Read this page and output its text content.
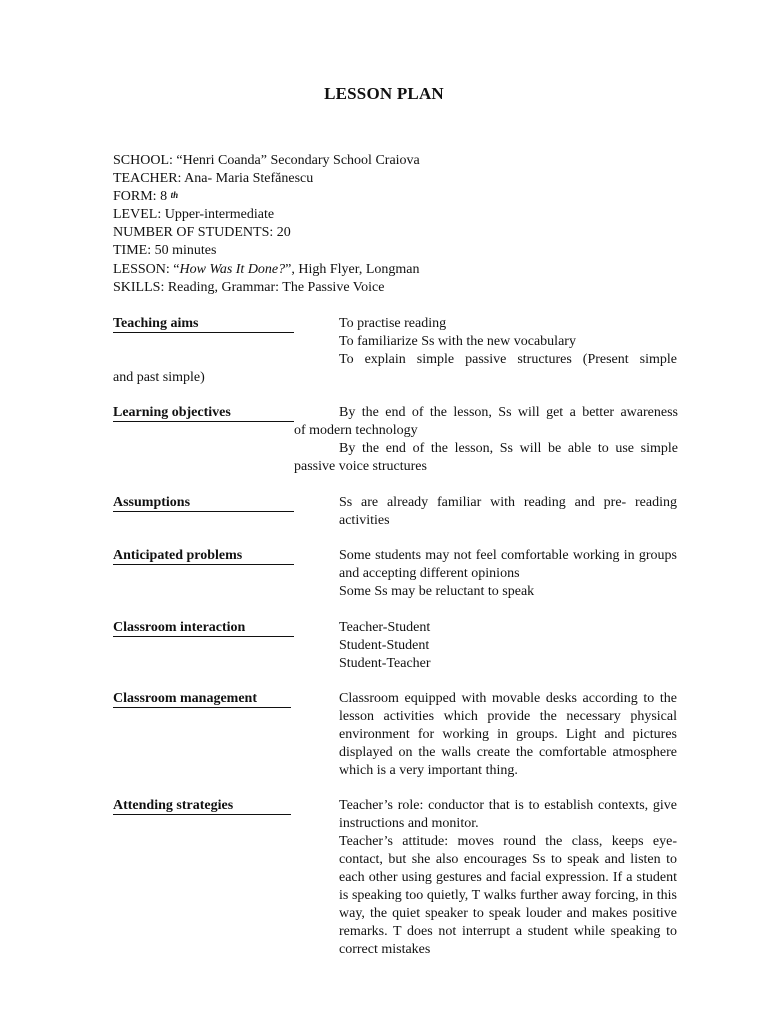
LESSON PLAN
SCHOOL: “Henri Coanda” Secondary School Craiova
TEACHER: Ana- Maria Stefănescu
FORM: 8 $^{th}$
LEVEL: Upper-intermediate
NUMBER OF STUDENTS: 20
TIME: 50 minutes
LESSON: “How Was It Done?”, High Flyer, Longman
SKILLS: Reading, Grammar: The Passive Voice
Teaching aims	To practise reading

To familiarize Ss with the new vocabulary

To explain simple passive structures (Present simple

and past simple)
Learning objectives	By the end of the lesson, Ss will get a better awareness

of modern technology

By the end of the lesson, Ss will be able to use simple

passive voice structures

Assumptions	Ss are already familiar with reading and pre- reading activities

Anticipated problems	Some students may not feel comfortable working in groups and accepting different opinions

Some Ss may be reluctant to speak

Classroom interaction	Teacher-Student

Student-Student

Student-Teacher

Classroom management	Classroom equipped with movable desks according to the lesson activities which provide the necessary physical environment for working in groups. Light and pictures displayed on the walls create the comfortable atmosphere which is a very important thing.

Attending strategies	Teacher’s role: conductor that is to establish contexts, give instructions and monitor.

Teacher’s attitude: moves round the class, keeps eye-contact, but she also encourages Ss to speak and listen to each other using gestures and facial expression. If a student is speaking too quietly, T walks further away forcing, in this way, the quiet speaker to speak louder and makes positive remarks. T does not interrupt a student while speaking to correct mistakes
